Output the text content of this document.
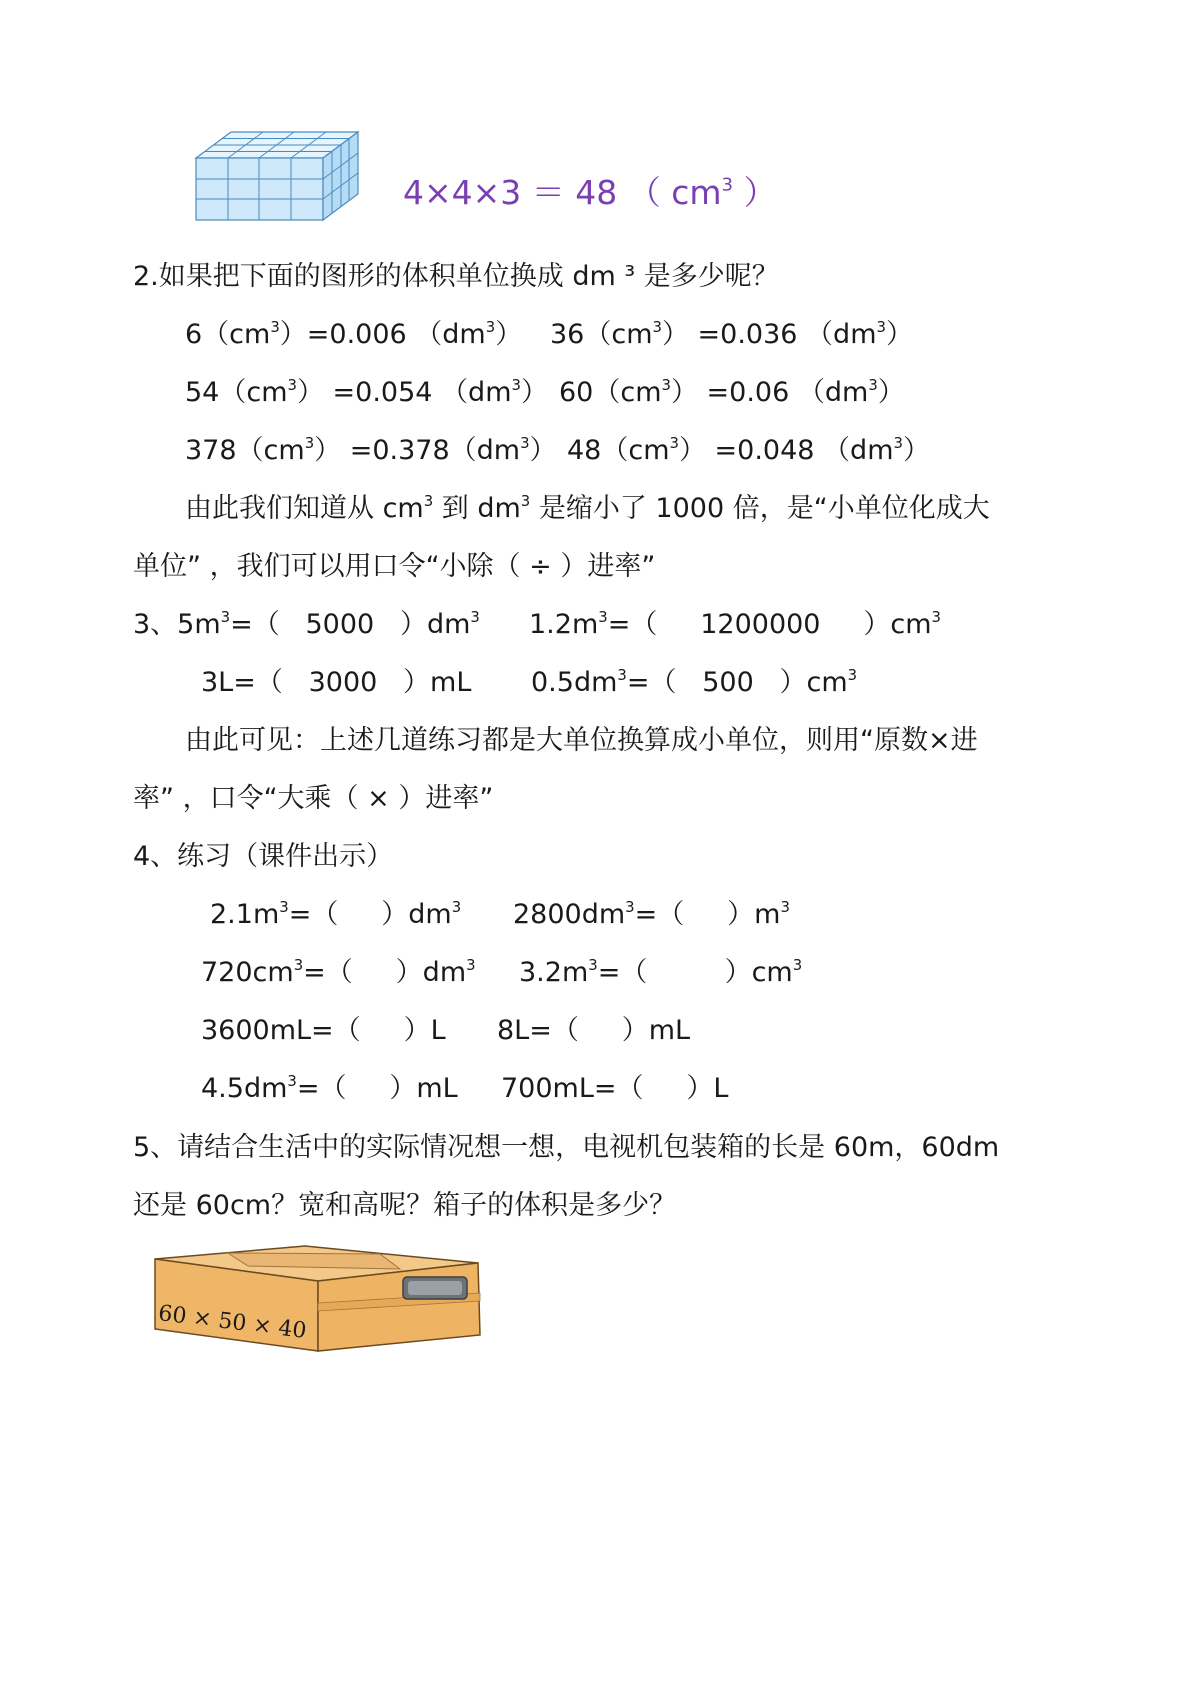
4×4×3 ＝ 48 （ $cm^3$ ）
2.如果把下面的图形的体积单位换成 dm ³ 是多少呢？
$6(cm^3)=0.006$ $(dm^3)$ $36(cm^3) =0.036$ $(dm^3)$
$54(cm^3) =0.054$ $(dm^3)$ $60(cm^3) =0.06$ $(dm^3)$
$378(cm^3) =0.378(dm^3)$ $48(cm^3) =0.048$ $(dm^3)$
由此我们知道从 $cm^3$ 到 $dm^3$ 是缩小了 1000 倍，是“小单位化成大
单位” ，我们可以用口令“小除（ ÷ ）进率”
3、$5m^3=$（   5000   ）$dm^3$ $1.2m^3=$（     1200000     ）$cm^3$
3L=（   3000   ）mL $0.5dm^3=$（   500   ）$cm^3$
由此可见：上述几道练习都是大单位换算成小单位，则用“原数×进
率” ，口令“大乘（ × ）进率”
4、练习（课件出示）
$2.1m^3=$（     ）$dm^3$ $2800dm^3=$（     ）$m^3$
$720cm^3=$（     ）$dm^3$ $3.2m^3=$（         ）$cm^3$
3600mL=（     ）L 8L=（     ）mL
$4.5dm^3=$（     ）mL 700mL=（     ）L
5、请结合生活中的实际情况想一想，电视机包装箱的长是 60m，60dm
还是 60cm？宽和高呢？箱子的体积是多少？
60 × 50 × 40
